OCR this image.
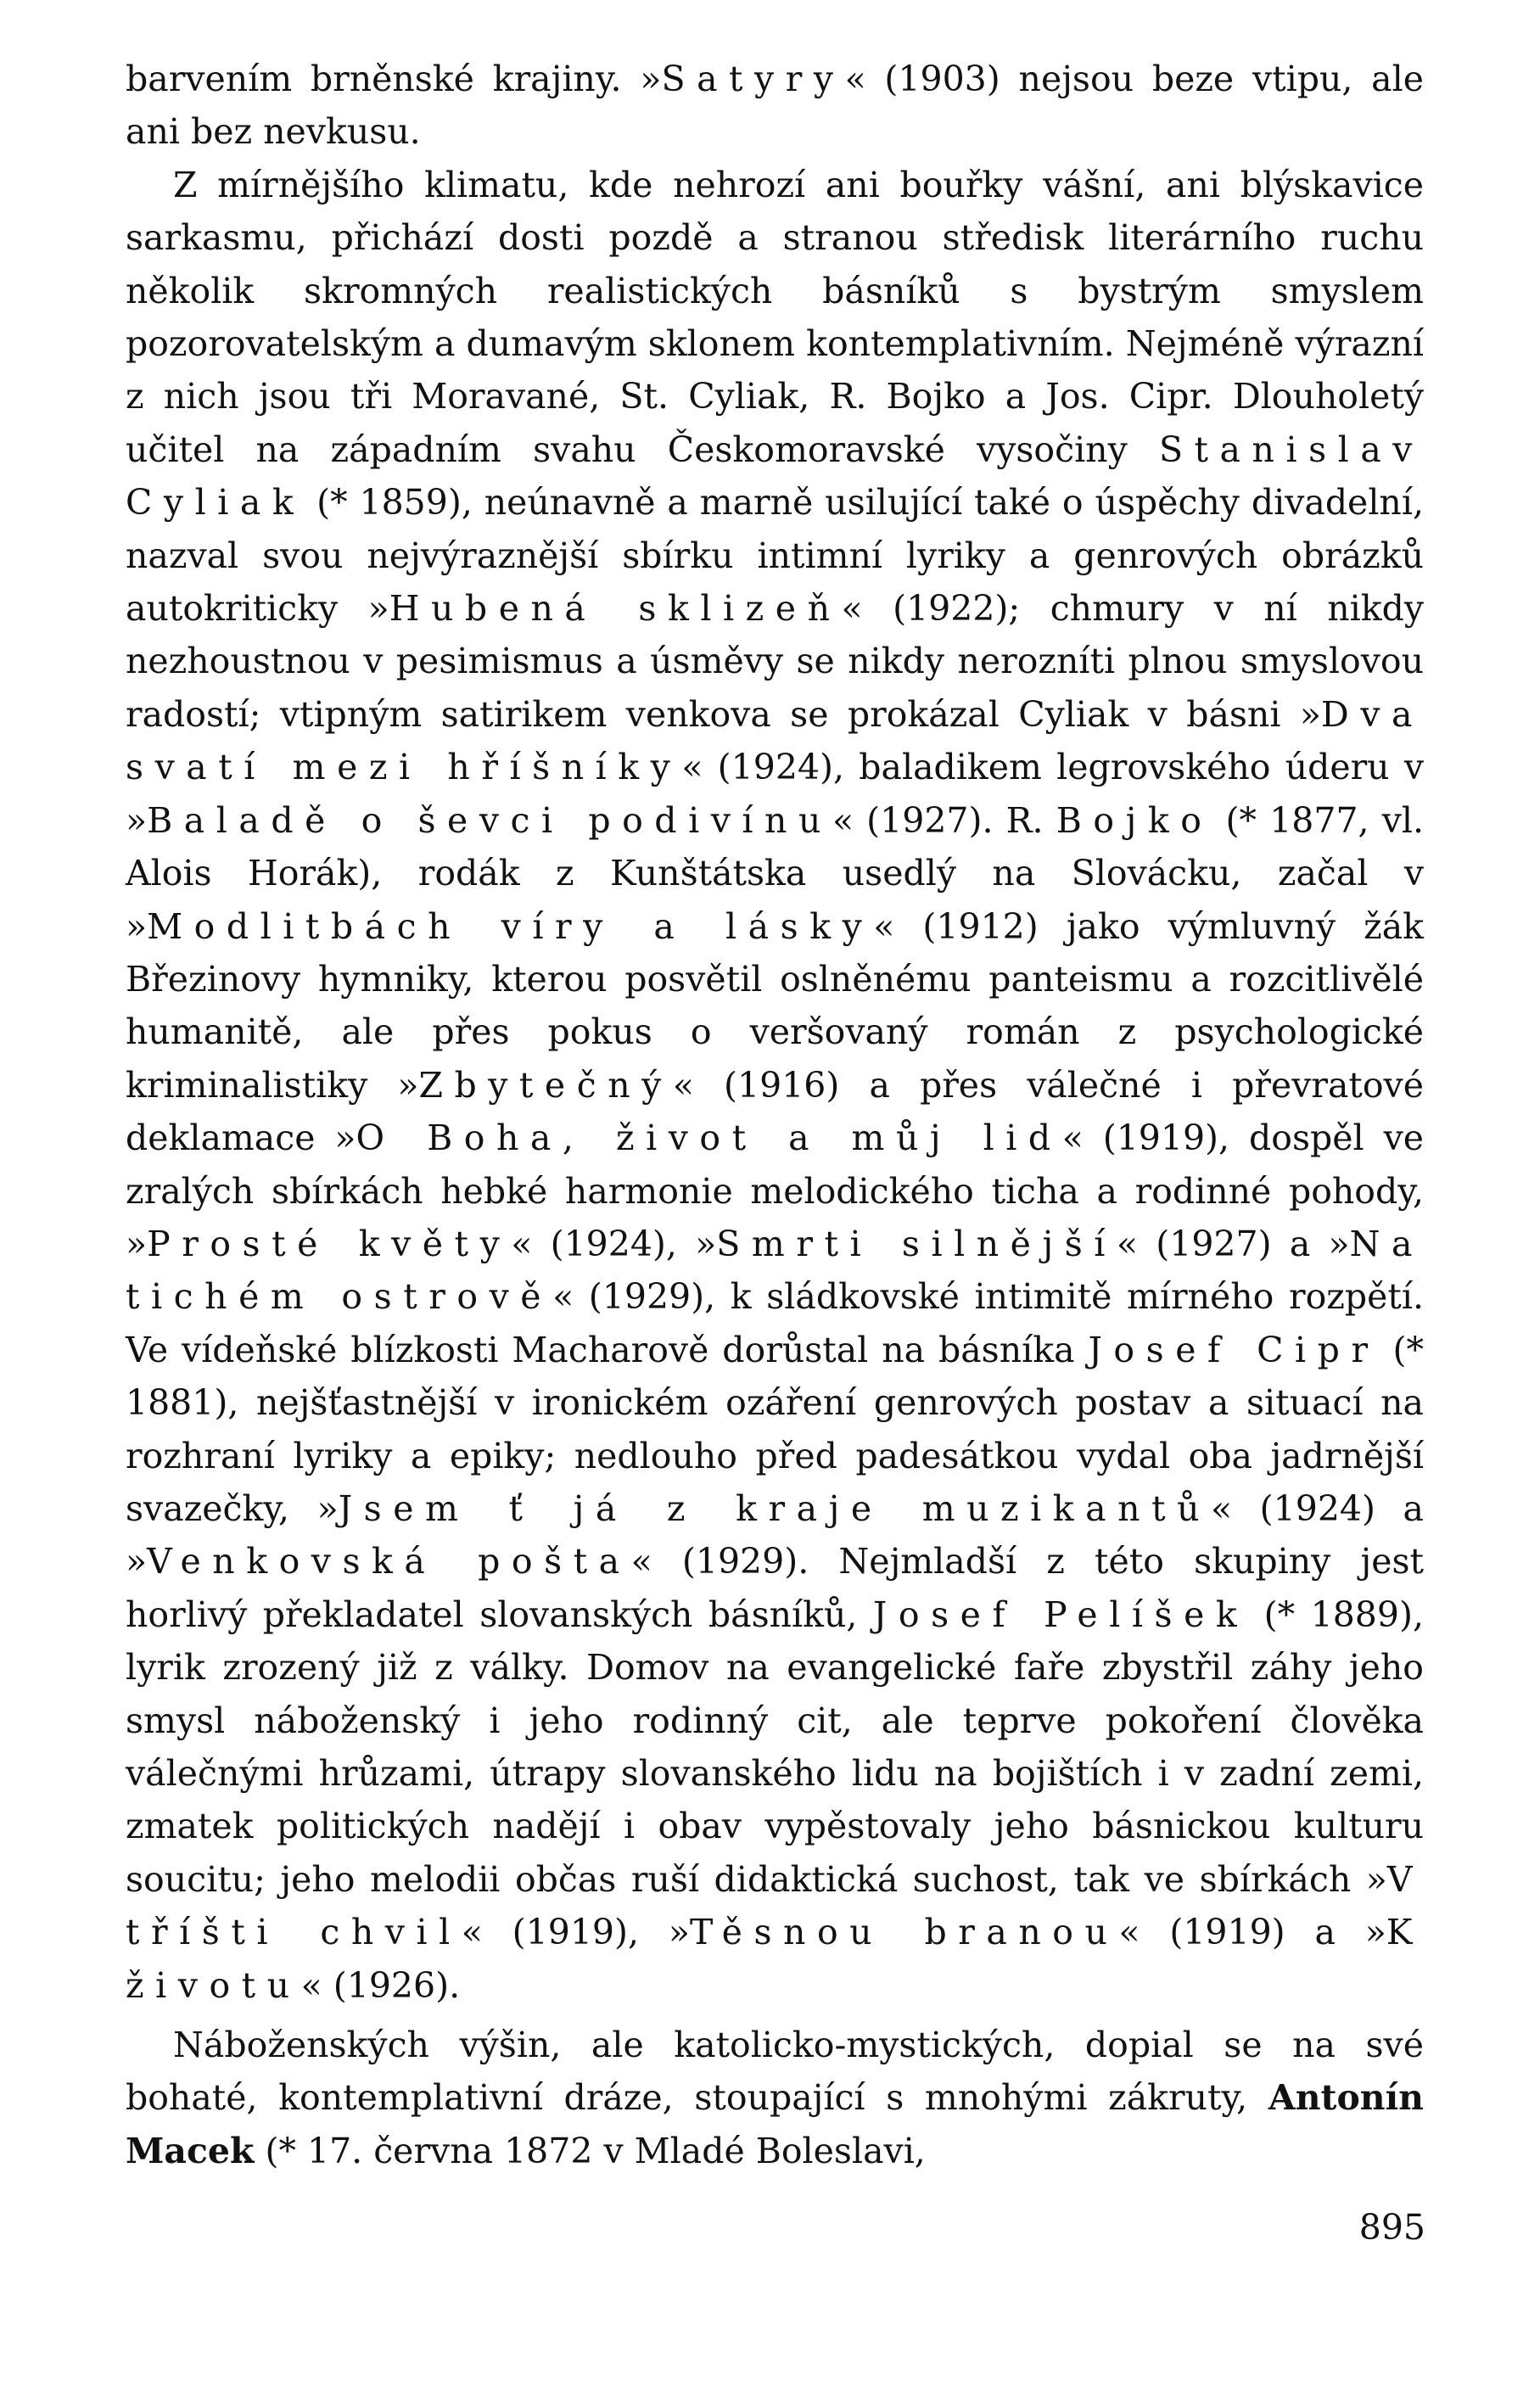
barvením brněnské krajiny. »Satyry« (1903) nejsou beze vtipu, ale ani bez nevkusu.

Z mírnějšího klimatu, kde nehrozí ani bouřky vášní, ani blýskavice sarkasmu, přichází dosti pozdě a stranou středisk literárního ruchu několik skromných realistických básníků s bystrým smyslem pozorovatelským a dumavým sklonem kontemplativním. Nejméně výrazní z nich jsou tři Moravané, St. Cyliak, R. Bojko a Jos. Cipr. Dlouholetý učitel na západním svahu Českomoravské vysočiny Stanislav Cyliak (* 1859), neúnavně a marně usilující také o úspěchy divadelní, nazval svou nejvýraznější sbírku intimní lyriky a genrových obrázků autokriticky »Hubená sklizeň« (1922); chmury v ní nikdy nezhoustnou v pesimismus a úsměvy se nikdy nerozníti plnou smyslovou radostí; vtipným satirikem venkova se prokázal Cyliak v básni »Dva svatí mezi hříšníky« (1924), baladikem legrovského úderu v »Baladě o ševci podivínu« (1927). R. Bojko (* 1877, vl. Alois Horák), rodák z Kunštátska usedlý na Slovácku, začal v »Modlitbách víry a lásky« (1912) jako výmluvný žák Březinovy hymniky, kterou posvětil oslněnému panteismu a rozcitlivělé humanitě, ale přes pokus o veršovaný román z psychologické kriminalistiky »Zbytečný« (1916) a přes válečné i převratové deklamace »O Boha, život a můj lid« (1919), dospěl ve zralých sbírkách hebké harmonie melodického ticha a rodinné pohody, »Prosté květy« (1924), »Smrti silnější« (1927) a »Na tichém ostrově« (1929), k sládkovské intimitě mírného rozpětí. Ve vídeňské blízkosti Macharově dorůstal na básníka Josef Cipr (* 1881), nejšťastnější v ironickém ozáření genrových postav a situací na rozhraní lyriky a epiky; nedlouho před padesátkou vydal oba jadrnější svazečky, »Jsem ť já z kraje muzikantů« (1924) a »Venkovská pošta« (1929). Nejmladší z této skupiny jest horlivý překladatel slovanských básníků, Josef Pelíšek (* 1889), lyrik zrozený již z války. Domov na evangelické faře zbystřil záhy jeho smysl náboženský i jeho rodinný cit, ale teprve pokoření člověka válečnými hrůzami, útrapy slovanského lidu na bojištích i v zadní zemi, zmatek politických nadějí i obav vypěstovaly jeho básnickou kulturu soucitu; jeho melodii občas ruší didaktická suchost, tak ve sbírkách »V tříšti chvil« (1919), »Těsnou branou« (1919) a »K životu« (1926).

Náboženských výšin, ale katolicko-mystických, dopial se na své bohaté, kontemplativní dráze, stoupající s mnohými zákruty, Antonín Macek (* 17. června 1872 v Mladé Boleslavi,

895
